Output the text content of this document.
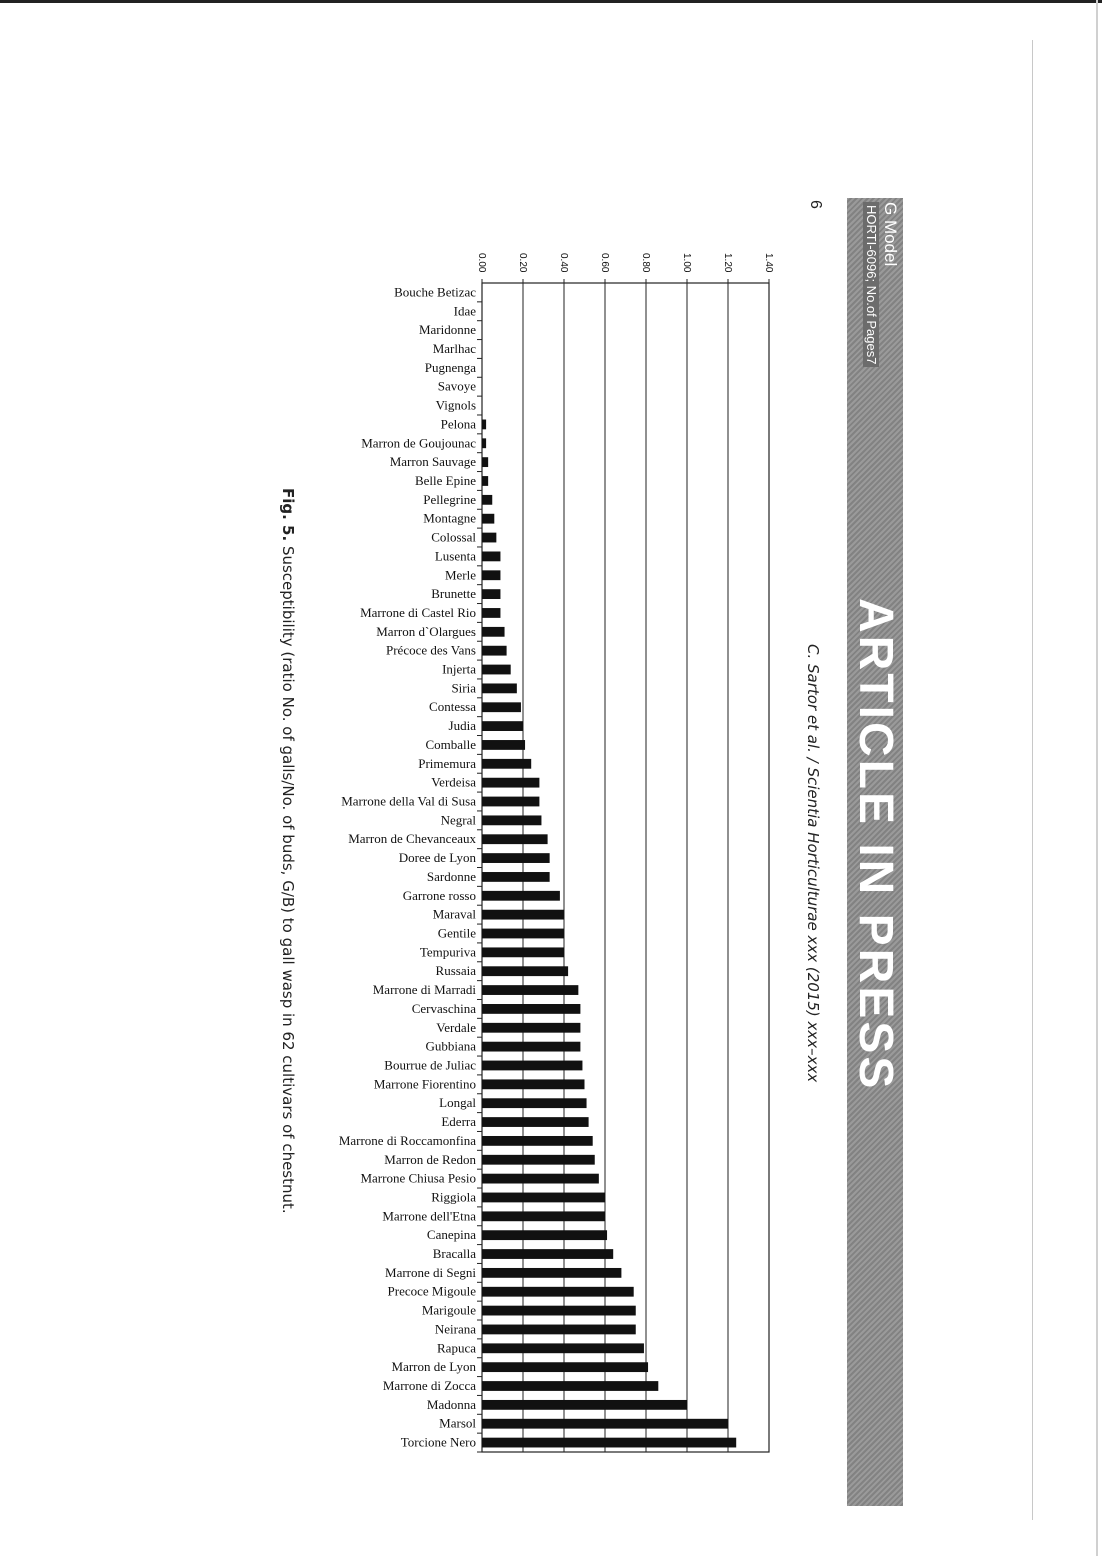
G Model
HORTI-6096; No.of Pages7
ARTICLE IN PRESS
6
C. Sartor et al. / Scientia Horticulturae xxx (2015) xxx–xxx
Fig. 5. Susceptibility (ratio No. of galls/No. of buds, G/B) to gall wasp in 62 cultivars of chestnut.
Bouche Betizac
Idae
Maridonne
Marlhac
Pugnenga
Savoye
Vignols
Pelona
Marron de Goujounac
Marron Sauvage
Belle Epine
Pellegrine
Montagne
Colossal
Lusenta
Merle
Brunette
Marrone di Castel Rio
Marron d`Olargues
Précoce des Vans
Injerta
Siria
Contessa
Judia
Comballe
Primemura
Verdeisa
Marrone della Val di Susa
Negral
Marron de Chevanceaux
Doree de Lyon
Sardonne
Garrone rosso
Maraval
Gentile
Tempuriva
Russaia
Marrone di Marradi
Cervaschina
Verdale
Gubbiana
Bourrue de Juliac
Marrone Fiorentino
Longal
Ederra
Marrone di Roccamonfina
Marron de Redon
Marrone Chiusa Pesio
Riggiola
Marrone dell'Etna
Canepina
Bracalla
Marrone di Segni
Precoce Migoule
Marigoule
Neirana
Rapuca
Marron de Lyon
Marrone di Zocca
Madonna
Marsol
Torcione Nero
0.00	0.20	0.40	0.60	0.80	1.00	1.20	1.40
